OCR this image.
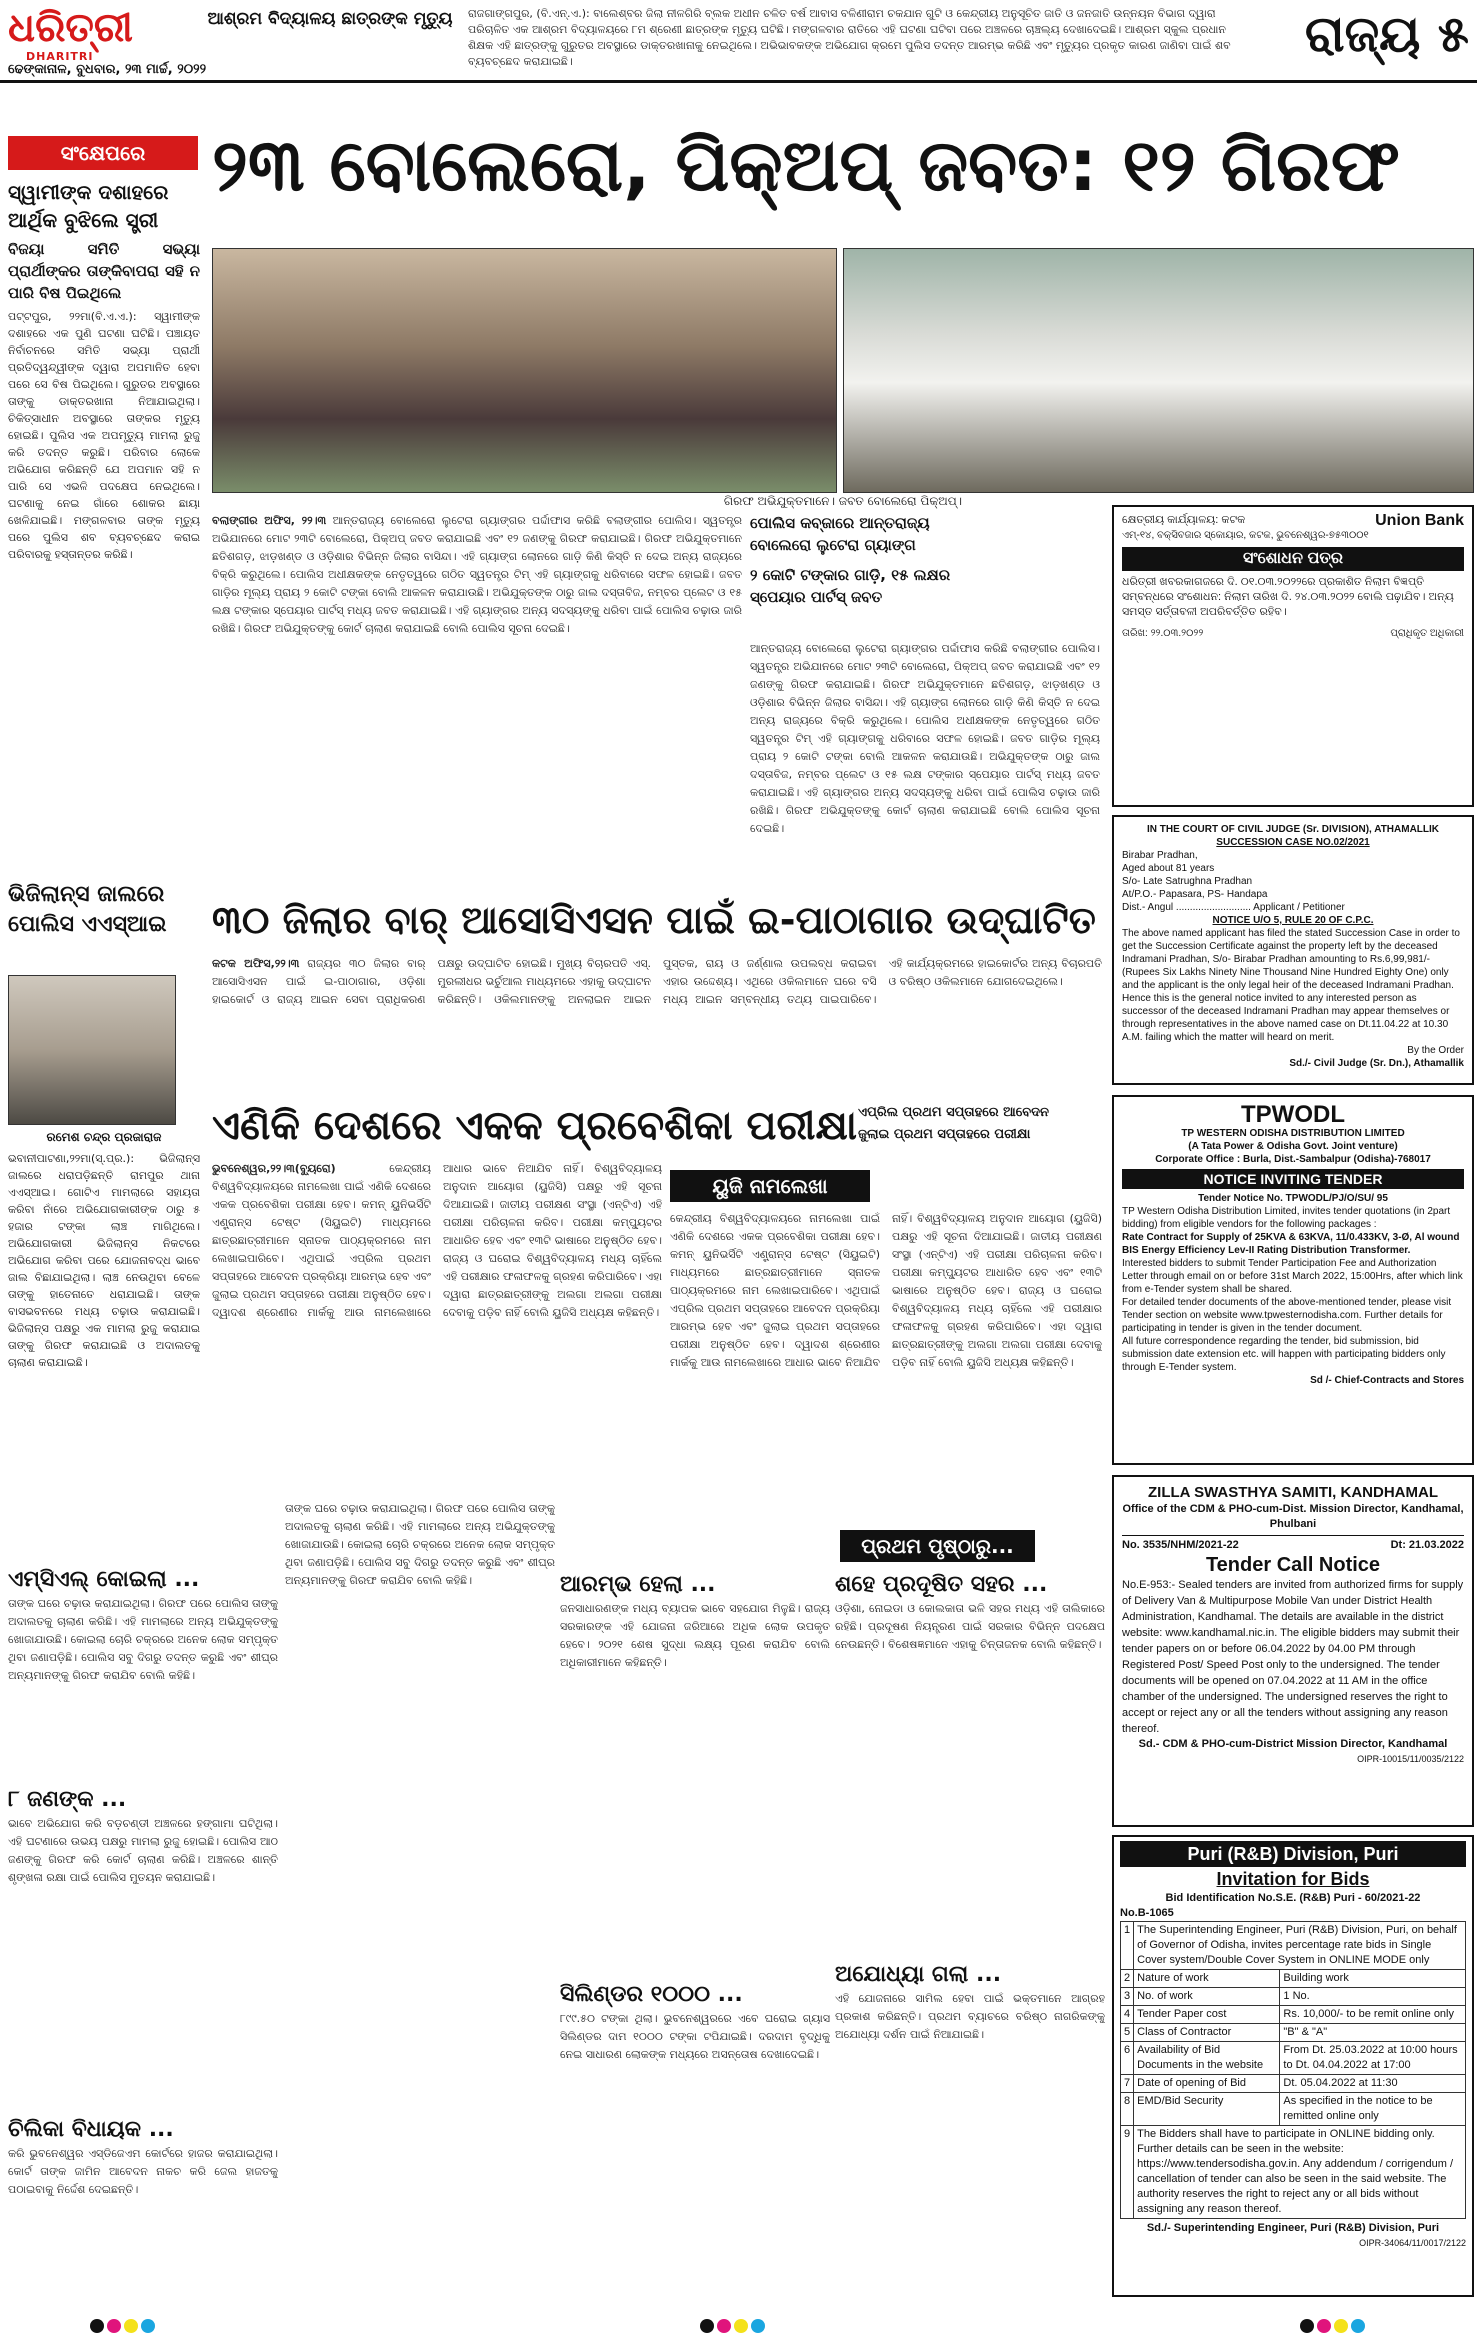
ଧରିତ୍ରୀ
DHARITRI
ଆଶ୍ରମ ବିଦ୍ୟାଳୟ ଛାତ୍ରଙ୍କ ମୃତ୍ୟୁ	ରାଜଗାଙ୍ଗପୁର, (ବି.ଏନ୍.ଏ.): ବାଲେଶ୍ବର ଜିଲା ନୀଳଗିରି ବ୍ଲକ ଅଧୀନ ଚଳିତ ବର୍ଷ ଆବାସ ବଳିଣୀରାମ ଚକଯାନ ଗୁଟି ଓ କେନ୍ଦ୍ରୀୟ ଅନୁସୂଚିତ ଜାତି ଓ ଜନଜାତି ଉନ୍ନୟନ ବିଭାଗ ଦ୍ୱାରା ପରିଚାଳିତ ଏକ ଆଶ୍ରମ ବିଦ୍ୟାଳୟରେ ୮ମ ଶ୍ରେଣୀ ଛାତ୍ରଙ୍କ ମୃତ୍ୟୁ ଘଟିଛି। ମଙ୍ଗଳବାର ରାତିରେ ଏହି ଘଟଣା ଘଟିବା ପରେ ଅଞ୍ଚଳରେ ଚାଞ୍ଚଲ୍ୟ ଦେଖାଦେଇଛି। ଆଶ୍ରମ ସ୍କୁଲ ପ୍ରଧାନ ଶିକ୍ଷକ ଏହି ଛାତ୍ରଙ୍କୁ ଗୁରୁତର ଅବସ୍ଥାରେ ଡାକ୍ତରଖାନାକୁ ନେଇଥିଲେ। ଅଭିଭାବକଙ୍କ ଅଭିଯୋଗ କ୍ରମେ ପୁଲିସ ତଦନ୍ତ ଆରମ୍ଭ କରିଛି ଏବଂ ମୃତ୍ୟୁର ପ୍ରକୃତ କାରଣ ଜାଣିବା ପାଇଁ ଶବ ବ୍ୟବଚ୍ଛେଦ କରାଯାଇଛି।	ରାଜ୍ୟ ୫
ଢେଙ୍କାନାଳ, ବୁଧବାର, ୨୩ ମାର୍ଚ୍ଚ, ୨୦୨୨
ସଂକ୍ଷେପରେ
ସ୍ୱାମୀଙ୍କ ଦଶାହରେ ଆର୍ଥିକ ବୁଝିଲେ ସ୍ତ୍ରୀ
ବିଜୟା ସମିତି ସଭ୍ୟା ପ୍ରାର୍ଥୀଙ୍କର ତାଙ୍କିବାପରା ସହି ନ ପାରି ବିଷ ପିଇଥିଲେ
ପଟ୍ଟପୁର, ୨୨ମା(ବି.ଏ.ଏ.): ସ୍ୱାମୀଙ୍କ ଦଶାହରେ ଏକ ପୁଣି ଘଟଣା ଘଟିଛି। ପଞ୍ଚାୟତ ନିର୍ବାଚନରେ ସମିତି ସଭ୍ୟା ପ୍ରାର୍ଥୀ ପ୍ରତିଦ୍ୱନ୍ଦ୍ୱୀଙ୍କ ଦ୍ୱାରା ଅପମାନିତ ହେବା ପରେ ସେ ବିଷ ପିଇଥିଲେ। ଗୁରୁତର ଅବସ୍ଥାରେ ତାଙ୍କୁ ଡାକ୍ତରଖାନା ନିଆଯାଇଥିଲା। ଚିକିତ୍ସାଧୀନ ଅବସ୍ଥାରେ ତାଙ୍କର ମୃତ୍ୟୁ ହୋଇଛି। ପୁଲିସ ଏକ ଅପମୃତ୍ୟୁ ମାମଲା ରୁଜୁ କରି ତଦନ୍ତ କରୁଛି। ପରିବାର ଲୋକେ ଅଭିଯୋଗ କରିଛନ୍ତି ଯେ ଅପମାନ ସହି ନ ପାରି ସେ ଏଭଳି ପଦକ୍ଷେପ ନେଇଥିଲେ। ଘଟଣାକୁ ନେଇ ଗାଁରେ ଶୋକର ଛାୟା ଖେଳିଯାଇଛି। ମଙ୍ଗଳବାର ତାଙ୍କ ମୃତ୍ୟୁ ପରେ ପୁଲିସ ଶବ ବ୍ୟବଚ୍ଛେଦ କରାଇ ପରିବାରକୁ ହସ୍ତାନ୍ତର କରିଛି।
ଭିଜିଲାନ୍ସ ଜାଲରେ ପୋଲିସ ଏଏସ୍‌ଆଇ
ରମେଶ ଚନ୍ଦ୍ର ପ୍ରଜାରାଜ
ଭବାନୀପାଟଣା,୨୨ମା(ସ୍.ପ୍ର.): ଭିଜିଲାନ୍ସ ଜାଲରେ ଧରାପଡ଼ିଛନ୍ତି ରାମପୁର ଥାନା ଏଏସ୍‌ଆଇ। ଗୋଟିଏ ମାମଲାରେ ସହାୟତା କରିବା ନାଁରେ ଅଭିଯୋଗକାରୀଙ୍କ ଠାରୁ ୫ ହଜାର ଟଙ୍କା ଲାଞ୍ଚ ମାଗିଥିଲେ। ଅଭିଯୋଗକାରୀ ଭିଜିଲାନ୍ସ ନିକଟରେ ଅଭିଯୋଗ କରିବା ପରେ ଯୋଜନାବଦ୍ଧ ଭାବେ ଜାଲ ବିଛାଯାଇଥିଲା। ଲାଞ୍ଚ ନେଉଥିବା ବେଳେ ତାଙ୍କୁ ହାତେନାତେ ଧରାଯାଇଛି। ତାଙ୍କ ବାସଭବନରେ ମଧ୍ୟ ଚଢ଼ାଉ କରାଯାଇଛି। ଭିଜିଲାନ୍ସ ପକ୍ଷରୁ ଏକ ମାମଲା ରୁଜୁ କରାଯାଇ ତାଙ୍କୁ ଗିରଫ କରାଯାଇଛି ଓ ଅଦାଲତକୁ ଚାଲାଣ କରାଯାଇଛି।
୨୩ ବୋଲେରୋ, ପିକ୍‌ଅପ୍ ଜବତ: ୧୨ ଗିରଫ
ଗିରଫ ଅଭିଯୁକ୍ତମାନେ। ଜବତ ବୋଲେରୋ ପିକ୍‌ଅପ୍।
ବଲାଙ୍ଗୀର ଅଫିସ, ୨୨।୩ ଆନ୍ତରାଜ୍ୟ ବୋଲେରୋ ଲୁଟେରା ଗ୍ୟାଙ୍ଗର ପର୍ଦ୍ଦାଫାସ କରିଛି ବଲାଙ୍ଗୀର ପୋଲିସ। ସ୍ୱତନ୍ତ୍ର ଅଭିଯାନରେ ମୋଟ ୨୩ଟି ବୋଲେରୋ, ପିକ୍‌ଅପ୍ ଜବତ କରାଯାଇଛି ଏବଂ ୧୨ ଜଣଙ୍କୁ ଗିରଫ କରାଯାଇଛି। ଗିରଫ ଅଭିଯୁକ୍ତମାନେ ଛତିଶଗଡ଼, ଝାଡ଼ଖଣ୍ଡ ଓ ଓଡ଼ିଶାର ବିଭିନ୍ନ ଜିଲାର ବାସିନ୍ଦା। ଏହି ଗ୍ୟାଙ୍ଗ ଲୋନରେ ଗାଡ଼ି କିଣି କିସ୍ତି ନ ଦେଇ ଅନ୍ୟ ରାଜ୍ୟରେ ବିକ୍ରି କରୁଥିଲେ। ପୋଲିସ ଅଧୀକ୍ଷକଙ୍କ ନେତୃତ୍ୱରେ ଗଠିତ ସ୍ୱତନ୍ତ୍ର ଟିମ୍ ଏହି ଗ୍ୟାଙ୍ଗକୁ ଧରିବାରେ ସଫଳ ହୋଇଛି। ଜବତ ଗାଡ଼ିର ମୂଲ୍ୟ ପ୍ରାୟ ୨ କୋଟି ଟଙ୍କା ବୋଲି ଆକଳନ କରାଯାଉଛି। ଅଭିଯୁକ୍ତଙ୍କ ଠାରୁ ଜାଲ ଦସ୍ତାବିଜ, ନମ୍ବର ପ୍ଲେଟ ଓ ୧୫ ଲକ୍ଷ ଟଙ୍କାର ସ୍ପେୟାର ପାର୍ଟସ୍ ମଧ୍ୟ ଜବତ କରାଯାଇଛି। ଏହି ଗ୍ୟାଙ୍ଗର ଅନ୍ୟ ସଦସ୍ୟଙ୍କୁ ଧରିବା ପାଇଁ ପୋଲିସ ଚଢ଼ାଉ ଜାରି ରଖିଛି। ଗିରଫ ଅଭିଯୁକ୍ତଙ୍କୁ କୋର୍ଟ ଚାଲାଣ କରାଯାଇଛି ବୋଲି ପୋଲିସ ସୂଚନା ଦେଇଛି।
ପୋଲିସ କବ୍‌ଜାରେ ଆନ୍ତରାଜ୍ୟ ବୋଲେରୋ ଲୁଟେରା ଗ୍ୟାଙ୍ଗ
୨ କୋଟି ଟଙ୍କାର ଗାଡ଼ି, ୧୫ ଲକ୍ଷର ସ୍ପେୟାର ପାର୍ଟସ୍ ଜବତ
ଆନ୍ତରାଜ୍ୟ ବୋଲେରୋ ଲୁଟେରା ଗ୍ୟାଙ୍ଗର ପର୍ଦ୍ଦାଫାସ କରିଛି ବଲାଙ୍ଗୀର ପୋଲିସ। ସ୍ୱତନ୍ତ୍ର ଅଭିଯାନରେ ମୋଟ ୨୩ଟି ବୋଲେରୋ, ପିକ୍‌ଅପ୍ ଜବତ କରାଯାଇଛି ଏବଂ ୧୨ ଜଣଙ୍କୁ ଗିରଫ କରାଯାଇଛି। ଗିରଫ ଅଭିଯୁକ୍ତମାନେ ଛତିଶଗଡ଼, ଝାଡ଼ଖଣ୍ଡ ଓ ଓଡ଼ିଶାର ବିଭିନ୍ନ ଜିଲାର ବାସିନ୍ଦା। ଏହି ଗ୍ୟାଙ୍ଗ ଲୋନରେ ଗାଡ଼ି କିଣି କିସ୍ତି ନ ଦେଇ ଅନ୍ୟ ରାଜ୍ୟରେ ବିକ୍ରି କରୁଥିଲେ। ପୋଲିସ ଅଧୀକ୍ଷକଙ୍କ ନେତୃତ୍ୱରେ ଗଠିତ ସ୍ୱତନ୍ତ୍ର ଟିମ୍ ଏହି ଗ୍ୟାଙ୍ଗକୁ ଧରିବାରେ ସଫଳ ହୋଇଛି। ଜବତ ଗାଡ଼ିର ମୂଲ୍ୟ ପ୍ରାୟ ୨ କୋଟି ଟଙ୍କା ବୋଲି ଆକଳନ କରାଯାଉଛି। ଅଭିଯୁକ୍ତଙ୍କ ଠାରୁ ଜାଲ ଦସ୍ତାବିଜ, ନମ୍ବର ପ୍ଲେଟ ଓ ୧୫ ଲକ୍ଷ ଟଙ୍କାର ସ୍ପେୟାର ପାର୍ଟସ୍ ମଧ୍ୟ ଜବତ କରାଯାଇଛି। ଏହି ଗ୍ୟାଙ୍ଗର ଅନ୍ୟ ସଦସ୍ୟଙ୍କୁ ଧରିବା ପାଇଁ ପୋଲିସ ଚଢ଼ାଉ ଜାରି ରଖିଛି। ଗିରଫ ଅଭିଯୁକ୍ତଙ୍କୁ କୋର୍ଟ ଚାଲାଣ କରାଯାଇଛି ବୋଲି ପୋଲିସ ସୂଚନା ଦେଇଛି।
କ୍ଷେତ୍ରୀୟ କାର୍ଯ୍ୟାଳୟ: କଟକ	Union Bank
ଏମ୍-୧୪, ବକ୍ସିବଜାର ସ୍କୋୟାର, କଟକ, ଭୁବନେଶ୍ୱର-୭୫୩୦୦୧
ସଂଶୋଧନ ପତ୍ର
ଧରିତ୍ରୀ ଖବରକାଗଜରେ ଦି. ୦୧.୦୩.୨୦୨୨ରେ ପ୍ରକାଶିତ ନିଲାମ ବିଜ୍ଞପ୍ତି ସମ୍ବନ୍ଧରେ ସଂଶୋଧନ: ନିଲାମ ତାରିଖ ଦି. ୨୪.୦୩.୨୦୨୨ ବୋଲି ପଢ଼ାଯିବ। ଅନ୍ୟ ସମସ୍ତ ସର୍ତ୍ତାବଳୀ ଅପରିବର୍ତ୍ତିତ ରହିବ।
ତାରିଖ: ୨୨.୦୩.୨୦୨୨	ପ୍ରାଧିକୃତ ଅଧିକାରୀ
୩୦ ଜିଲାର ବାର୍ ଆସୋସିଏସନ ପାଇଁ ଇ-ପାଠାଗାର ଉଦ୍‌ଘାଟିତ
କଟକ ଅଫିସ,୨୨।୩ ରାଜ୍ୟର ୩୦ ଜିଲାର ବାର୍ ଆସୋସିଏସନ ପାଇଁ ଇ-ପାଠାଗାର, ଓଡ଼ିଶା ହାଇକୋର୍ଟ ଓ ରାଜ୍ୟ ଆଇନ ସେବା ପ୍ରାଧିକରଣ ପକ୍ଷରୁ ଉଦ୍‌ଘାଟିତ ହୋଇଛି। ମୁଖ୍ୟ ବିଚାରପତି ଏସ୍. ମୁରଲୀଧର ଭର୍ଚୁଆଲ ମାଧ୍ୟମରେ ଏହାକୁ ଉଦ୍‌ଘାଟନ କରିଛନ୍ତି। ଓକିଲମାନଙ୍କୁ ଅନଲାଇନ ଆଇନ ପୁସ୍ତକ, ରାୟ ଓ ଜର୍ଣ୍ଣାଲ ଉପଲବ୍ଧ କରାଇବା ଏହାର ଉଦ୍ଦେଶ୍ୟ। ଏଥିରେ ଓକିଲମାନେ ଘରେ ବସି ମଧ୍ୟ ଆଇନ ସମ୍ବନ୍ଧୀୟ ତଥ୍ୟ ପାଇପାରିବେ। ଏହି କାର୍ଯ୍ୟକ୍ରମରେ ହାଇକୋର୍ଟର ଅନ୍ୟ ବିଚାରପତି ଓ ବରିଷ୍ଠ ଓକିଲମାନେ ଯୋଗଦେଇଥିଲେ।
IN THE COURT OF CIVIL JUDGE (Sr. DIVISION), ATHAMALLIK
SUCCESSION CASE NO.02/2021
Birabar Pradhan,
Aged about 81 years
S/o- Late Satrughna Pradhan
At/P.O.- Papasara, PS- Handapa
Dist.- Angul ........................... Applicant / Petitioner
NOTICE U/O 5, RULE 20 OF C.P.C.
The above named applicant has filed the stated Succession Case in order to get the Succession Certificate against the property left by the deceased Indramani Pradhan, S/o- Birabar Pradhan amounting to Rs.6,99,981/- (Rupees Six Lakhs Ninety Nine Thousand Nine Hundred Eighty One) only and the applicant is the only legal heir of the deceased Indramani Pradhan.
Hence this is the general notice invited to any interested person as successor of the deceased Indramani Pradhan may appear themselves or through representatives in the above named case on Dt.11.04.22 at 10.30 A.M. failing which the matter will heard on merit.
By the Order
Sd./- Civil Judge (Sr. Dn.), Athamallik
ଏଣିକି ଦେଶରେ ଏକକ ପ୍ରବେଶିକା ପରୀକ୍ଷା ଏପ୍ରିଲ ପ୍ରଥମ ସପ୍ତାହରେ ଆବେଦନ
ଜୁଲାଇ ପ୍ରଥମ ସପ୍ତାହରେ ପରୀକ୍ଷା
ଭୁବନେଶ୍ୱର,୨୨।୩(ବ୍ୟୁରୋ)	କେନ୍ଦ୍ରୀୟ ବିଶ୍ୱବିଦ୍ୟାଳୟରେ ନାମଲେଖା ପାଇଁ ଏଣିକି ଦେଶରେ ଏକକ ପ୍ରବେଶିକା ପରୀକ୍ଷା ହେବ। କମନ୍ ୟୁନିଭର୍ସିଟି ଏଣ୍ଟ୍ରାନ୍ସ ଟେଷ୍ଟ (ସିୟୁଇଟି) ମାଧ୍ୟମରେ ଛାତ୍ରଛାତ୍ରୀମାନେ ସ୍ନାତକ ପାଠ୍ୟକ୍ରମରେ ନାମ ଲେଖାଇପାରିବେ। ଏଥିପାଇଁ ଏପ୍ରିଲ ପ୍ରଥମ ସପ୍ତାହରେ ଆବେଦନ ପ୍ରକ୍ରିୟା ଆରମ୍ଭ ହେବ ଏବଂ ଜୁଲାଇ ପ୍ରଥମ ସପ୍ତାହରେ ପରୀକ୍ଷା ଅନୁଷ୍ଠିତ ହେବ। ଦ୍ୱାଦଶ ଶ୍ରେଣୀର ମାର୍କକୁ ଆଉ ନାମଲେଖାରେ ଆଧାର ଭାବେ ନିଆଯିବ ନାହିଁ। ବିଶ୍ୱବିଦ୍ୟାଳୟ ଅନୁଦାନ ଆୟୋଗ (ୟୁଜିସି) ପକ୍ଷରୁ ଏହି ସୂଚନା ଦିଆଯାଇଛି। ଜାତୀୟ ପରୀକ୍ଷଣ ସଂସ୍ଥା (ଏନ୍‌ଟିଏ) ଏହି ପରୀକ୍ଷା ପରିଚାଳନା କରିବ। ପରୀକ୍ଷା କମ୍ପ୍ୟୁଟର ଆଧାରିତ ହେବ ଏବଂ ୧୩ଟି ଭାଷାରେ ଅନୁଷ୍ଠିତ ହେବ। ରାଜ୍ୟ ଓ ଘରୋଇ ବିଶ୍ୱବିଦ୍ୟାଳୟ ମଧ୍ୟ ଚାହିଁଲେ ଏହି ପରୀକ୍ଷାର ଫଳାଫଳକୁ ଗ୍ରହଣ କରିପାରିବେ। ଏହା ଦ୍ୱାରା ଛାତ୍ରଛାତ୍ରୀଙ୍କୁ ଅଲଗା ଅଲଗା ପରୀକ୍ଷା ଦେବାକୁ ପଡ଼ିବ ନାହିଁ ବୋଲି ୟୁଜିସି ଅଧ୍ୟକ୍ଷ କହିଛନ୍ତି।
ୟୁଜି ନାମଲେଖା
କେନ୍ଦ୍ରୀୟ ବିଶ୍ୱବିଦ୍ୟାଳୟରେ ନାମଲେଖା ପାଇଁ ଏଣିକି ଦେଶରେ ଏକକ ପ୍ରବେଶିକା ପରୀକ୍ଷା ହେବ। କମନ୍ ୟୁନିଭର୍ସିଟି ଏଣ୍ଟ୍ରାନ୍ସ ଟେଷ୍ଟ (ସିୟୁଇଟି) ମାଧ୍ୟମରେ ଛାତ୍ରଛାତ୍ରୀମାନେ ସ୍ନାତକ ପାଠ୍ୟକ୍ରମରେ ନାମ ଲେଖାଇପାରିବେ। ଏଥିପାଇଁ ଏପ୍ରିଲ ପ୍ରଥମ ସପ୍ତାହରେ ଆବେଦନ ପ୍ରକ୍ରିୟା ଆରମ୍ଭ ହେବ ଏବଂ ଜୁଲାଇ ପ୍ରଥମ ସପ୍ତାହରେ ପରୀକ୍ଷା ଅନୁଷ୍ଠିତ ହେବ। ଦ୍ୱାଦଶ ଶ୍ରେଣୀର ମାର୍କକୁ ଆଉ ନାମଲେଖାରେ ଆଧାର ଭାବେ ନିଆଯିବ ନାହିଁ। ବିଶ୍ୱବିଦ୍ୟାଳୟ ଅନୁଦାନ ଆୟୋଗ (ୟୁଜିସି) ପକ୍ଷରୁ ଏହି ସୂଚନା ଦିଆଯାଇଛି। ଜାତୀୟ ପରୀକ୍ଷଣ ସଂସ୍ଥା (ଏନ୍‌ଟିଏ) ଏହି ପରୀକ୍ଷା ପରିଚାଳନା କରିବ। ପରୀକ୍ଷା କମ୍ପ୍ୟୁଟର ଆଧାରିତ ହେବ ଏବଂ ୧୩ଟି ଭାଷାରେ ଅନୁଷ୍ଠିତ ହେବ। ରାଜ୍ୟ ଓ ଘରୋଇ ବିଶ୍ୱବିଦ୍ୟାଳୟ ମଧ୍ୟ ଚାହିଁଲେ ଏହି ପରୀକ୍ଷାର ଫଳାଫଳକୁ ଗ୍ରହଣ କରିପାରିବେ। ଏହା ଦ୍ୱାରା ଛାତ୍ରଛାତ୍ରୀଙ୍କୁ ଅଲଗା ଅଲଗା ପରୀକ୍ଷା ଦେବାକୁ ପଡ଼ିବ ନାହିଁ ବୋଲି ୟୁଜିସି ଅଧ୍ୟକ୍ଷ କହିଛନ୍ତି।
TPWODL
TP WESTERN ODISHA DISTRIBUTION LIMITED
(A Tata Power & Odisha Govt. Joint venture)
Corporate Office : Burla, Dist.-Sambalpur (Odisha)-768017
NOTICE INVITING TENDER
Tender Notice No. TPWODL/PJ/O/SU/ 95
TP Western Odisha Distribution Limited, invites tender quotations (in 2part bidding) from eligible vendors for the following packages :
Rate Contract for Supply of 25KVA & 63KVA, 11/0.433KV, 3-Ø, Al wound BIS Energy Efficiency Lev-II Rating Distribution Transformer.
Interested bidders to submit Tender Participation Fee and Authorization Letter through email on or before 31st March 2022, 15:00Hrs, after which link from e-Tender system shall be shared.
For detailed tender documents of the above-mentioned tender, please visit Tender section on website www.tpwesternodisha.com. Further details for participating in tender is given in the tender document.
All future correspondence regarding the tender, bid submission, bid submission date extension etc. will happen with participating bidders only through E-Tender system.
Sd /- Chief-Contracts and Stores
ପ୍ରଥମ ପୃଷ୍ଠାରୁ...
ଏମ୍‌ସିଏଲ୍ କୋଇଲା ...
ତାଙ୍କ ଘରେ ଚଢ଼ାଉ କରାଯାଇଥିଲା। ଗିରଫ ପରେ ପୋଲିସ ତାଙ୍କୁ ଅଦାଲତକୁ ଚାଲାଣ କରିଛି। ଏହି ମାମଲାରେ ଅନ୍ୟ ଅଭିଯୁକ୍ତଙ୍କୁ ଖୋଜାଯାଉଛି। କୋଇଲା ଚୋରି ଚକ୍ରରେ ଅନେକ ଲୋକ ସମ୍ପୃକ୍ତ ଥିବା ଜଣାପଡ଼ିଛି। ପୋଲିସ ସବୁ ଦିଗରୁ ତଦନ୍ତ କରୁଛି ଏବଂ ଶୀଘ୍ର ଅନ୍ୟମାନଙ୍କୁ ଗିରଫ କରାଯିବ ବୋଲି କହିଛି।
୮ ଜଣଙ୍କ ...
ଭାବେ ଅଭିଯୋଗ କରି ବଡ଼ଚଣ୍ଡୀ ଅଞ୍ଚଳରେ ହଙ୍ଗାମା ଘଟିଥିଲା। ଏହି ଘଟଣାରେ ଉଭୟ ପକ୍ଷରୁ ମାମଲା ରୁଜୁ ହୋଇଛି। ପୋଲିସ ଆଠ ଜଣଙ୍କୁ ଗିରଫ କରି କୋର୍ଟ ଚାଲାଣ କରିଛି। ଅଞ୍ଚଳରେ ଶାନ୍ତି ଶୃଙ୍ଖଳା ରକ୍ଷା ପାଇଁ ପୋଲିସ ମୁତୟନ କରାଯାଇଛି।
ଚିଲିକା ବିଧାୟକ ...
କରି ଭୁବନେଶ୍ୱର ଏସ୍‌ଡିଜେଏମ କୋର୍ଟରେ ହାଜର କରାଯାଇଥିଲା। କୋର୍ଟ ତାଙ୍କ ଜାମିନ ଆବେଦନ ନାକଚ କରି ଜେଲ ହାଜତକୁ ପଠାଇବାକୁ ନିର୍ଦ୍ଦେଶ ଦେଇଛନ୍ତି।
ତାଙ୍କ ଘରେ ଚଢ଼ାଉ କରାଯାଇଥିଲା। ଗିରଫ ପରେ ପୋଲିସ ତାଙ୍କୁ ଅଦାଲତକୁ ଚାଲାଣ କରିଛି। ଏହି ମାମଲାରେ ଅନ୍ୟ ଅଭିଯୁକ୍ତଙ୍କୁ ଖୋଜାଯାଉଛି। କୋଇଲା ଚୋରି ଚକ୍ରରେ ଅନେକ ଲୋକ ସମ୍ପୃକ୍ତ ଥିବା ଜଣାପଡ଼ିଛି। ପୋଲିସ ସବୁ ଦିଗରୁ ତଦନ୍ତ କରୁଛି ଏବଂ ଶୀଘ୍ର ଅନ୍ୟମାନଙ୍କୁ ଗିରଫ କରାଯିବ ବୋଲି କହିଛି।	ଆରମ୍ଭ ହେଲା ...
ଜନସାଧାରଣଙ୍କ ମଧ୍ୟ ବ୍ୟାପକ ଭାବେ ସହଯୋଗ ମିଳୁଛି। ରାଜ୍ୟ ସରକାରଙ୍କ ଏହି ଯୋଜନା ଜରିଆରେ ଅଧିକ ଲୋକ ଉପକୃତ ହେବେ। ୨୦୨୧ ଶେଷ ସୁଦ୍ଧା ଲକ୍ଷ୍ୟ ପୂରଣ କରାଯିବ ବୋଲି ଅଧିକାରୀମାନେ କହିଛନ୍ତି।
ସିଲିଣ୍ଡର ୧୦୦୦ ...
୮୯୯.୫୦ ଟଙ୍କା ଥିଲା। ଭୁବନେଶ୍ୱରରେ ଏବେ ଘରୋଇ ଗ୍ୟାସ ସିଲିଣ୍ଡର ଦାମ ୧୦୦୦ ଟଙ୍କା ଟପିଯାଇଛି। ଦରଦାମ ବୃଦ୍ଧିକୁ ନେଇ ସାଧାରଣ ଲୋକଙ୍କ ମଧ୍ୟରେ ଅସନ୍ତୋଷ ଦେଖାଦେଇଛି।
ଶହେ ପ୍ରଦୂଷିତ ସହର ...
ଓଡ଼ିଶା, ନୋଇଡା ଓ କୋଲକାତା ଭଳି ସହର ମଧ୍ୟ ଏହି ତାଲିକାରେ ରହିଛି। ପ୍ରଦୂଷଣ ନିୟନ୍ତ୍ରଣ ପାଇଁ ସରକାର ବିଭିନ୍ନ ପଦକ୍ଷେପ ନେଉଛନ୍ତି। ବିଶେଷଜ୍ଞମାନେ ଏହାକୁ ଚିନ୍ତାଜନକ ବୋଲି କହିଛନ୍ତି।
ଅଯୋଧ୍ୟା ଗଲା ...
ଏହି ଯୋଜନାରେ ସାମିଲ ହେବା ପାଇଁ ଭକ୍ତମାନେ ଆଗ୍ରହ ପ୍ରକାଶ କରିଛନ୍ତି। ପ୍ରଥମ ବ୍ୟାଚରେ ବରିଷ୍ଠ ନାଗରିକଙ୍କୁ ଅଯୋଧ୍ୟା ଦର୍ଶନ ପାଇଁ ନିଆଯାଇଛି।
ZILLA SWASTHYA SAMITI, KANDHAMAL
Office of the CDM & PHO-cum-Dist. Mission Director, Kandhamal, Phulbani
No. 3535/NHM/2021-22	Dt: 21.03.2022
Tender Call Notice
No.E-953:- Sealed tenders are invited from authorized firms for supply of Delivery Van & Multipurpose Mobile Van under District Health Administration, Kandhamal. The details are available in the district website: www.kandhamal.nic.in. The eligible bidders may submit their tender papers on or before 06.04.2022 by 04.00 PM through Registered Post/ Speed Post only to the undersigned. The tender documents will be opened on 07.04.2022 at 11 AM in the office chamber of the undersigned. The undersigned reserves the right to accept or reject any or all the tenders without assigning any reason thereof.
Sd.- CDM & PHO-cum-District Mission Director, Kandhamal
OIPR-10015/11/0035/2122
Puri (R&B) Division, Puri
Invitation for Bids
Bid Identification No.S.E. (R&B) Puri - 60/2021-22
No.B-1065
1	The Superintending Engineer, Puri (R&B) Division, Puri, on behalf of Governor of Odisha, invites percentage rate bids in Single Cover system/Double Cover System in ONLINE MODE only	
2	Nature of work	Building work
3	No. of work	1 No.
4	Tender Paper cost	Rs. 10,000/- to be remit online only
5	Class of Contractor	"B" & "A"
6	Availability of Bid Documents in the website	From Dt. 25.03.2022 at 10:00 hours to Dt. 04.04.2022 at 17:00
7	Date of opening of Bid	Dt. 05.04.2022 at 11:30
8	EMD/Bid Security	As specified in the notice to be remitted online only
9	The Bidders shall have to participate in ONLINE bidding only. Further details can be seen in the website: https://www.tendersodisha.gov.in. Any addendum / corrigendum / cancellation of tender can also be seen in the said website. The authority reserves the right to reject any or all bids without assigning any reason thereof.	
Sd./- Superintending Engineer, Puri (R&B) Division, Puri
OIPR-34064/11/0017/2122
